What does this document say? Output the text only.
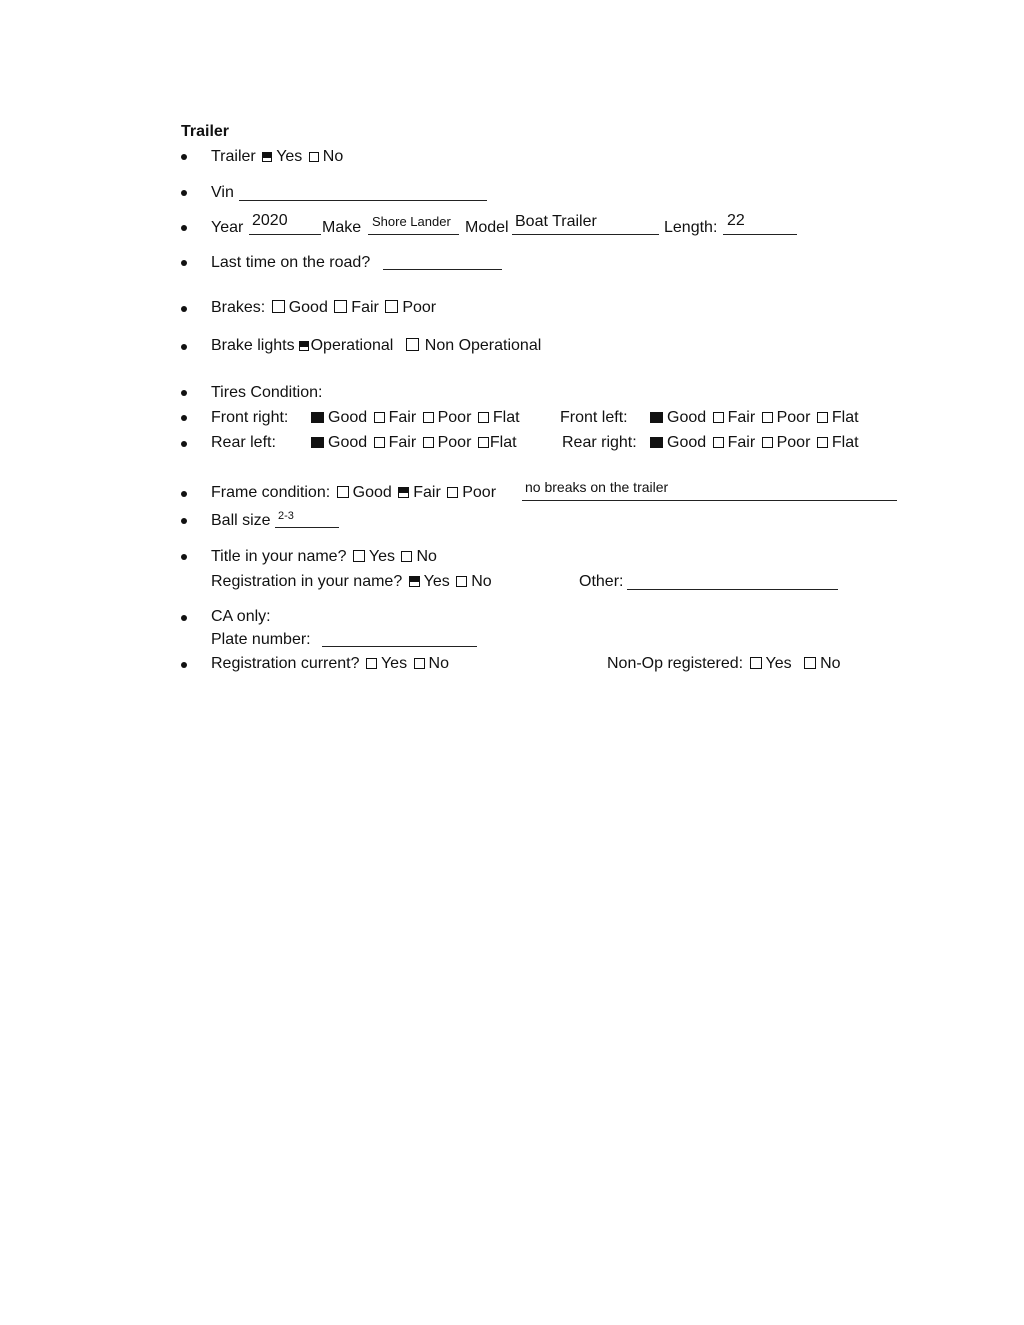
Trailer
Trailer Yes No
Vin
Year 2020 Make Shore Lander Model Boat Trailer	Length: 22
Last time on the road?
Brakes: Good Fair Poor
Brake lights Operational Non Operational
Tires Condition:
Front right:	Good Fair Poor Flat	Front left:	Good Fair Poor Flat
Rear left:	Good Fair Poor Flat	Rear right:	Good Fair Poor Flat
Frame condition: Good Fair Poor no breaks on the trailer
Ball size 2-3
Title in your name? Yes No
Registration in your name? Yes No	Other:
CA only:
Plate number:
Registration current? Yes No	Non-Op registered: Yes No
